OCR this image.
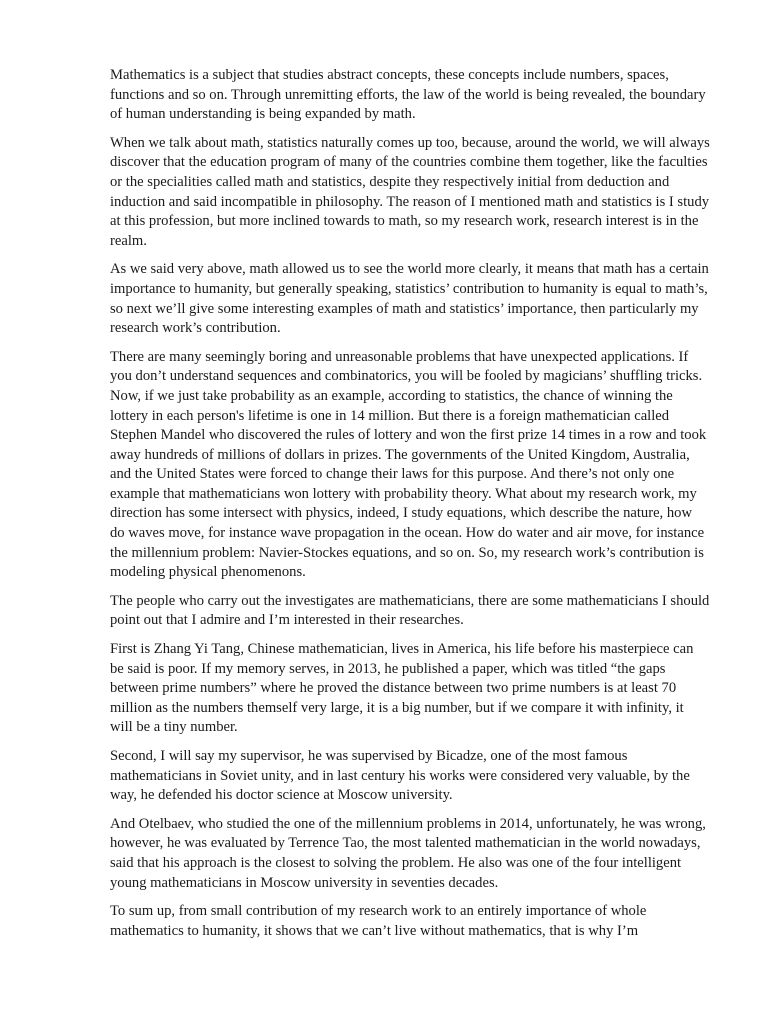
Mathematics is a subject that studies abstract concepts, these concepts include numbers, spaces, functions and so on. Through unremitting efforts, the law of the world is being revealed, the boundary of human understanding is being expanded by math.

When we talk about math, statistics naturally comes up too, because, around the world, we will always discover that the education program of many of the countries combine them together, like the faculties or the specialities called math and statistics, despite they respectively initial from deduction and induction and said incompatible in philosophy. The reason of I mentioned math and statistics is I study at this profession, but more inclined towards to math, so my research work, research interest is in the realm.

As we said very above, math allowed us to see the world more clearly, it means that math has a certain importance to humanity, but generally speaking, statistics’ contribution to humanity is equal to math’s, so next we’ll give some interesting examples of math and statistics’ importance, then particularly my research work’s contribution.

There are many seemingly boring and unreasonable problems that have unexpected applications. If you don’t understand sequences and combinatorics, you will be fooled by magicians’ shuffling tricks. Now, if we just take probability as an example, according to statistics, the chance of winning the lottery in each person's lifetime is one in 14 million. But there is a foreign mathematician called Stephen Mandel who discovered the rules of lottery and won the first prize 14 times in a row and took away hundreds of millions of dollars in prizes. The governments of the United Kingdom, Australia, and the United States were forced to change their laws for this purpose. And there’s not only one example that mathematicians won lottery with probability theory. What about my research work, my direction has some intersect with physics, indeed, I study equations, which describe the nature, how do waves move, for instance wave propagation in the ocean. How do water and air move, for instance the millennium problem: Navier-Stockes equations, and so on. So, my research work’s contribution is modeling physical phenomenons.

The people who carry out the investigates are mathematicians, there are some mathematicians I should point out that I admire and I’m interested in their researches.

First is Zhang Yi Tang, Chinese mathematician, lives in America, his life before his masterpiece can be said is poor. If my memory serves, in 2013, he published a paper, which was titled “the gaps between prime numbers” where he proved the distance between two prime numbers is at least 70 million as the numbers themself very large, it is a big number, but if we compare it with infinity, it will be a tiny number.

Second, I will say my supervisor, he was supervised by Bicadze, one of the most famous mathematicians in Soviet unity, and in last century his works were considered very valuable, by the way, he defended his doctor science at Moscow university.

And Otelbaev, who studied the one of the millennium problems in 2014, unfortunately, he was wrong, however, he was evaluated by Terrence Tao, the most talented mathematician in the world nowadays, said that his approach is the closest to solving the problem. He also was one of the four intelligent young mathematicians in Moscow university in seventies decades.

To sum up, from small contribution of my research work to an entirely importance of whole mathematics to humanity, it shows that we can’t live without mathematics, that is why I’m
